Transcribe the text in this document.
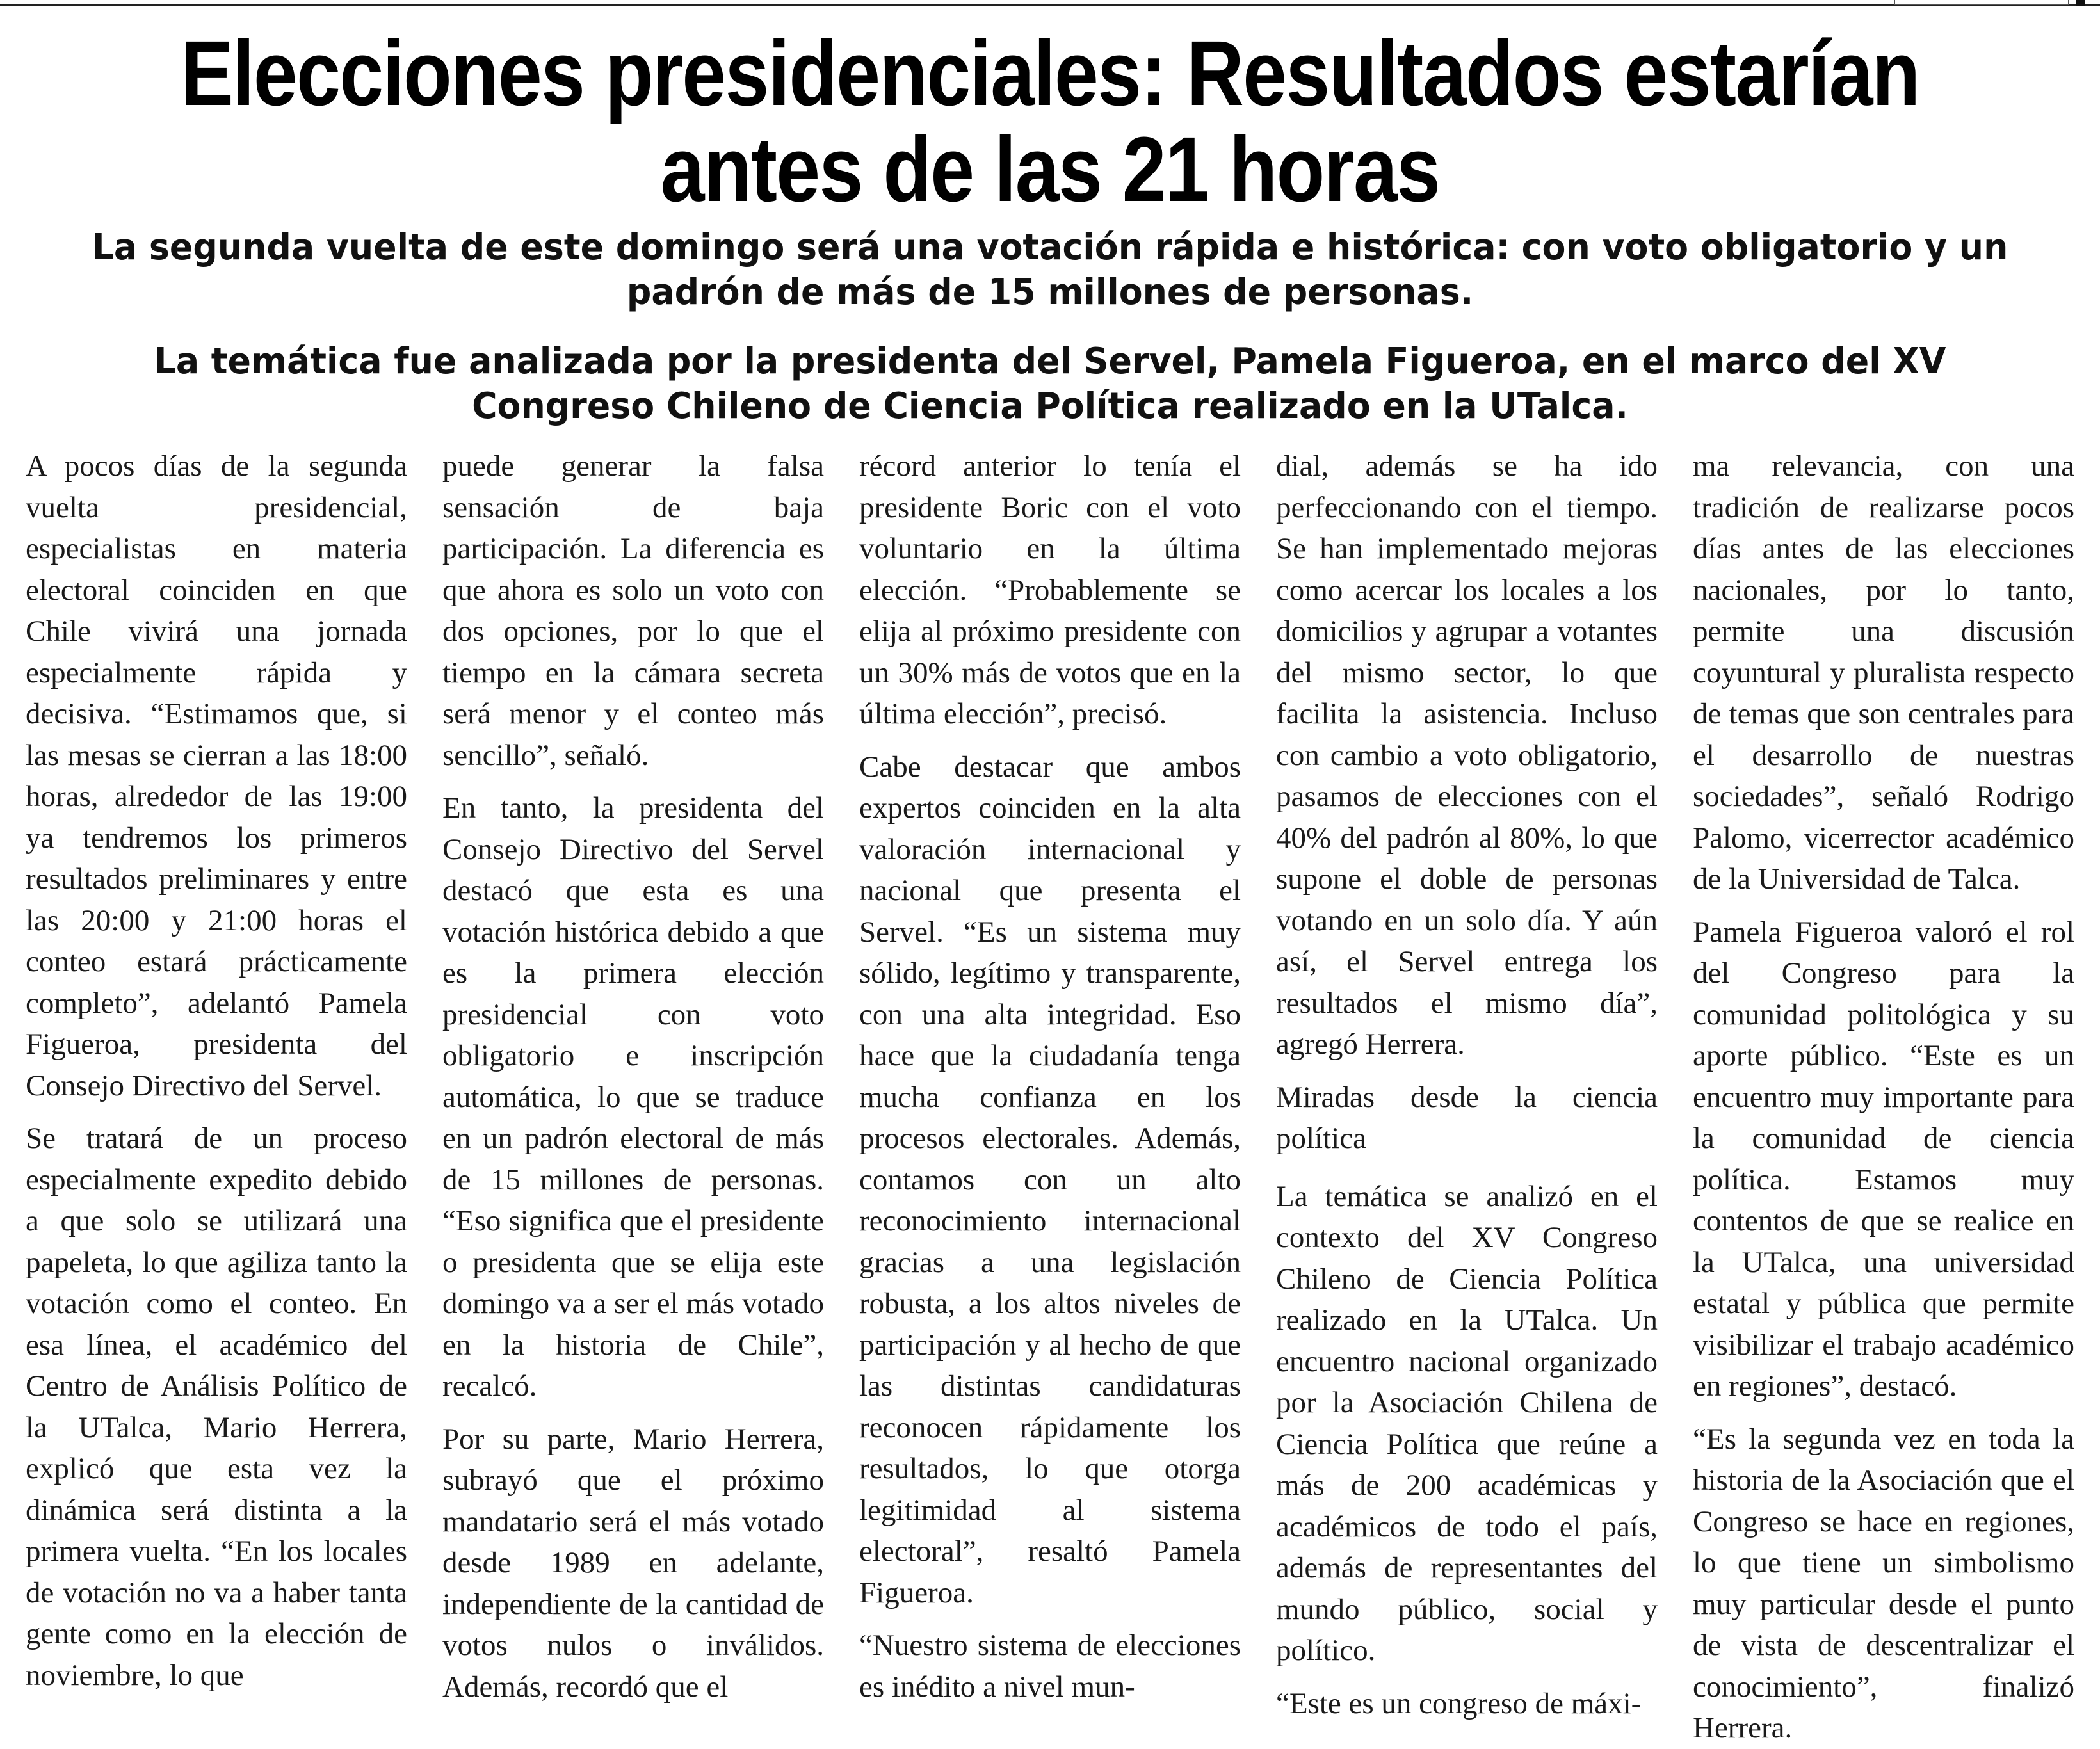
Elecciones presidenciales: Resultados estarían antes de las 21 horas

La segunda vuelta de este domingo será una votación rápida e histórica: con voto obligatorio y un padrón de más de 15 millones de personas.

La temática fue analizada por la presidenta del Servel, Pamela Figueroa, en el marco del XV Congreso Chileno de Ciencia Política realizado en la UTalca.

A pocos días de la segunda vuelta presidencial, especialistas en materia electoral coinciden en que Chile vivirá una jornada especialmente rápida y decisiva. “Estimamos que, si las mesas se cierran a las 18:00 horas, alrededor de las 19:00 ya tendremos los primeros resultados preliminares y entre las 20:00 y 21:00 horas el conteo estará prácticamente completo”, adelantó Pamela Figueroa, presidenta del Consejo Directivo del Servel.

Se tratará de un proceso especialmente expedito debido a que solo se utilizará una papeleta, lo que agiliza tanto la votación como el conteo. En esa línea, el académico del Centro de Análisis Político de la UTalca, Mario Herrera, explicó que esta vez la dinámica será distinta a la primera vuelta. “En los locales de votación no va a haber tanta gente como en la elección de noviembre, lo que

puede generar la falsa sensación de baja participación. La diferencia es que ahora es solo un voto con dos opciones, por lo que el tiempo en la cámara secreta será menor y el conteo más sencillo”, señaló.

En tanto, la presidenta del Consejo Directivo del Servel destacó que esta es una votación histórica debido a que es la primera elección presidencial con voto obligatorio e inscripción automática, lo que se traduce en un padrón electoral de más de 15 millones de personas. “Eso significa que el presidente o presidenta que se elija este domingo va a ser el más votado en la historia de Chile”, recalcó.

Por su parte, Mario Herrera, subrayó que el próximo mandatario será el más votado desde 1989 en adelante, independiente de la cantidad de votos nulos o inválidos. Además, recordó que el

récord anterior lo tenía el presidente Boric con el voto voluntario en la última elección. “Probablemente se elija al próximo presidente con un 30% más de votos que en la última elección”, precisó.

Cabe destacar que ambos expertos coinciden en la alta valoración internacional y nacional que presenta el Servel. “Es un sistema muy sólido, legítimo y transparente, con una alta integridad. Eso hace que la ciudadanía tenga mucha confianza en los procesos electorales. Además, contamos con un alto reconocimiento internacional gracias a una legislación robusta, a los altos niveles de participación y al hecho de que las distintas candidaturas reconocen rápidamente los resultados, lo que otorga legitimidad al sistema electoral”, resaltó Pamela Figueroa.

“Nuestro sistema de elecciones es inédito a nivel mun-

dial, además se ha ido perfeccionando con el tiempo. Se han implementado mejoras como acercar los locales a los domicilios y agrupar a votantes del mismo sector, lo que facilita la asistencia. Incluso con cambio a voto obligatorio, pasamos de elecciones con el 40% del padrón al 80%, lo que supone el doble de personas votando en un solo día. Y aún así, el Servel entrega los resultados el mismo día”, agregó Herrera.

Miradas desde la ciencia política

La temática se analizó en el contexto del XV Congreso Chileno de Ciencia Política realizado en la UTalca. Un encuentro nacional organizado por la Asociación Chilena de Ciencia Política que reúne a más de 200 académicas y académicos de todo el país, además de representantes del mundo público, social y político.

“Este es un congreso de máxi-

ma relevancia, con una tradición de realizarse pocos días antes de las elecciones nacionales, por lo tanto, permite una discusión coyuntural y pluralista respecto de temas que son centrales para el desarrollo de nuestras sociedades”, señaló Rodrigo Palomo, vicerrector académico de la Universidad de Talca.

Pamela Figueroa valoró el rol del Congreso para la comunidad politológica y su aporte público. “Este es un encuentro muy importante para la comunidad de ciencia política. Estamos muy contentos de que se realice en la UTalca, una universidad estatal y pública que permite visibilizar el trabajo académico en regiones”, destacó.

“Es la segunda vez en toda la historia de la Asociación que el Congreso se hace en regiones, lo que tiene un simbolismo muy particular desde el punto de vista de descentralizar el conocimiento”, finalizó Herrera.
